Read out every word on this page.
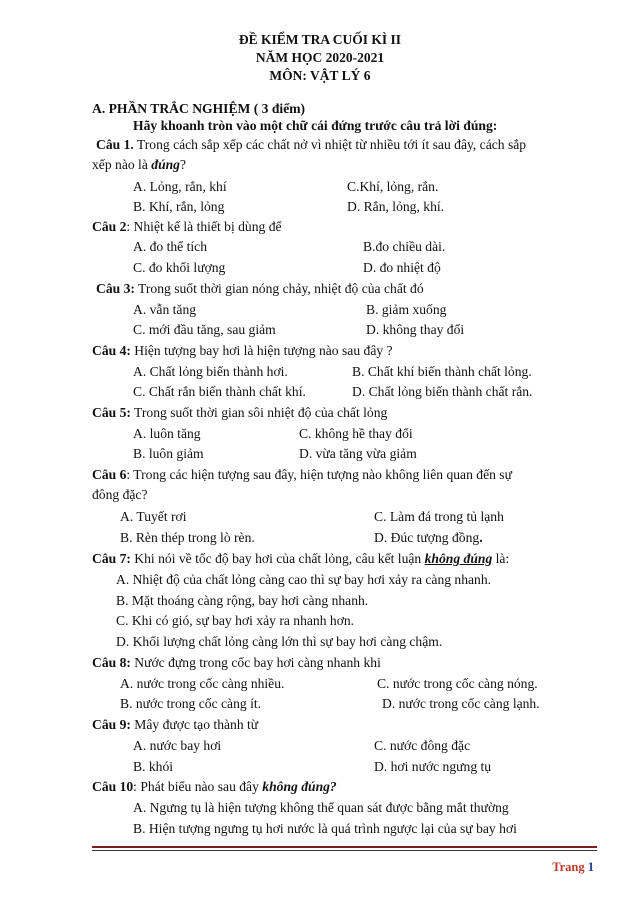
ĐỀ KIỂM TRA CUỐI KÌ II
NĂM HỌC 2020-2021
MÔN: VẬT LÝ 6
A. PHẦN TRẮC NGHIỆM ( 3 điểm)
Hãy khoanh tròn vào một chữ cái đứng trước câu trả lời đúng:
Câu 1. Trong cách sắp xếp các chất nở vì nhiệt từ nhiều tới ít sau đây, cách sắp
xếp nào là đúng?
A. Lỏng, rắn, khí	C.Khí, lỏng, rắn.
B. Khí, rắn, lỏng	D. Rắn, lỏng, khí.
Câu 2: Nhiệt kế là thiết bị dùng để
A. đo thể tích	B.đo chiều dài.
C. đo khối lượng	D. đo nhiệt độ
Câu 3: Trong suốt thời gian nóng chảy, nhiệt độ của chất đó
A. vẫn tăng	B. giảm xuống
C. mới đầu tăng, sau giảm	D. không thay đổi
Câu 4: Hiện tượng bay hơi là hiện tượng nào sau đây ?
A. Chất lỏng biến thành hơi.	B. Chất khí biến thành chất lỏng.
C. Chất rắn biến thành chất khí.	D. Chất lỏng biến thành chất rắn.
Câu 5: Trong suốt thời gian sôi nhiệt độ của chất lỏng
A. luôn tăng	C. không hề thay đổi
B. luôn giảm	D. vừa tăng vừa giảm
Câu 6: Trong các hiện tượng sau đây, hiện tượng nào không liên quan đến sự
đông đặc?
A. Tuyết rơi	C. Làm đá trong tủ lạnh
B. Rèn thép trong lò rèn.	D. Đúc tượng đồng.
Câu 7: Khi nói về tốc độ bay hơi của chất lỏng, câu kết luận không đúng là:
A. Nhiệt độ của chất lỏng càng cao thì sự bay hơi xảy ra càng nhanh.
B. Mặt thoáng càng rộng, bay hơi càng nhanh.
C. Khi có gió, sự bay hơi xảy ra nhanh hơn.
D. Khối lượng chất lỏng càng lớn thì sự bay hơi càng chậm.
Câu 8: Nước đựng trong cốc bay hơi càng nhanh khi
A. nước trong cốc càng nhiều.	C. nước trong cốc càng nóng.
B. nước trong cốc càng ít.	D. nước trong cốc càng lạnh.
Câu 9: Mây được tạo thành từ
A. nước bay hơi	C. nước đông đặc
B. khói	D. hơi nước ngưng tụ
Câu 10: Phát biểu nào sau đây không đúng?
A. Ngưng tụ là hiện tượng không thể quan sát được bằng mắt thường
B. Hiện tượng ngưng tụ hơi nước là quá trình ngược lại của sự bay hơi
Trang 1
